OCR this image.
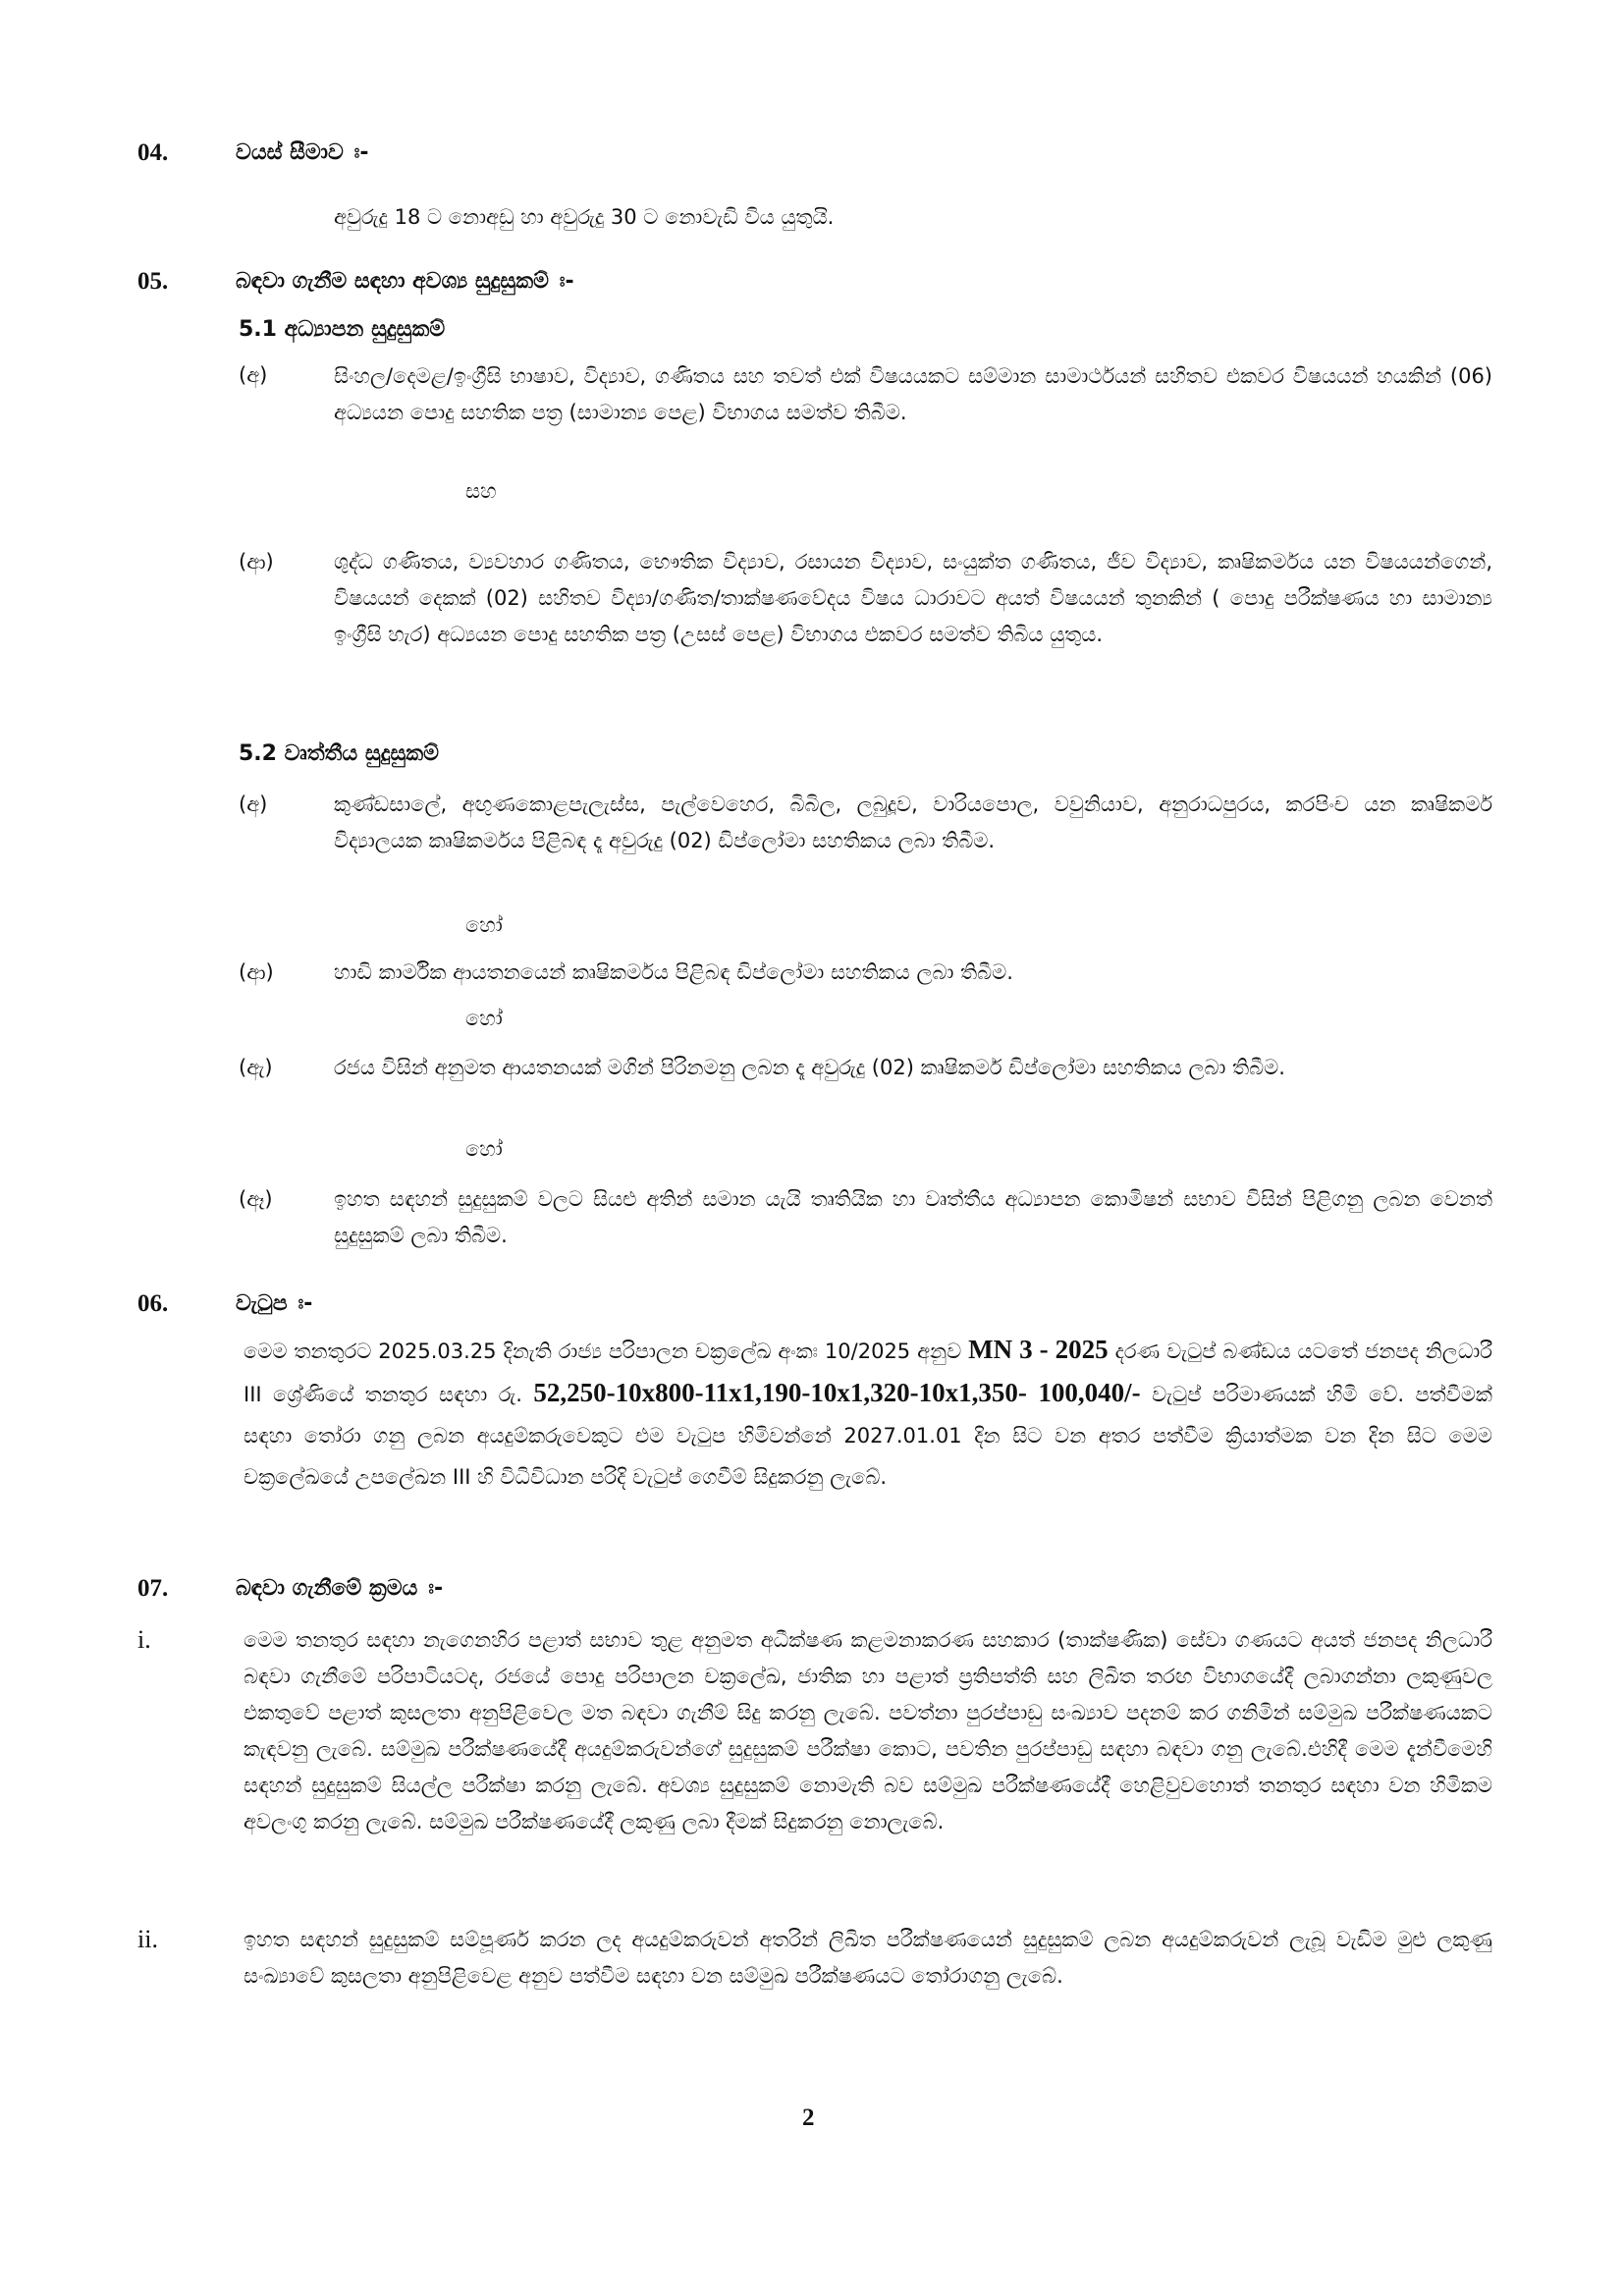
04.	වයස් සීමාව ඃ-
අවුරුදු 18 ට නොඅඩු හා අවුරුදු 30 ට නොවැඩි විය යුතුයි.
05.	බඳවා ගැනීම සඳහා අවශ්‍ය සුදුසුකම් ඃ-
5.1 අධ්‍යාපන සුදුසුකම්
(අ)	සිංහල/දෙමළ/ඉංග්‍රීසි භාෂාව, විද්‍යාව, ගණිතය සහ තවත් එක් විෂයයකට සම්මාන සාමාර්ථයන් සහිතව එකවර විෂයයන් හයකින් (06) අධ්‍යයන පොදු සහතික පත්‍ර (සාමාන්‍ය පෙළ) විභාගය සමත්ව තිබීම.
සහ
(ආ)	ශුද්ධ ගණිතය, ව්‍යවහාර ගණිතය, භෞතික විද්‍යාව, රසායන විද්‍යාව, සංයුක්ත ගණිතය, ජීව විද්‍යාව, කෘෂිකර්මය යන විෂයයන්ගෙන්, විෂයයන් දෙකක් (02) සහිතව විද්‍යා/ගණිත/තාක්ෂණවේදය විෂය ධාරාවට අයත් විෂයයන් තුනකින් ( පොදු පරීක්ෂණය හා සාමාන්‍ය ඉංග්‍රීසි හැර) අධ්‍යයන පොදු සහතික පත්‍ර (උසස් පෙළ) විභාගය එකවර සමත්ව තිබිය යුතුය.
5.2 වෘත්තීය සුදුසුකම්
(අ)	කුණ්ඩසාලේ, අඟුණකොළපැලැස්ස, පැල්වෙහෙර, බිබිල, ලබුදූව, වාරියපොල, වවුනියාව, අනුරාධපුරය, කරපිංච යන කෘෂිකර්ම විද්‍යාලයක කෘෂිකර්මය පිළිබඳ දෑ අවුරුදු (02) ඩිප්ලෝමා සහතිකය ලබා තිබීම.
හෝ
(ආ)	හාඩි කාර්මික ආයතනයෙන් කෘෂිකර්මය පිළිබඳ ඩිප්ලෝමා සහතිකය ලබා තිබීම.
හෝ
(ඇ)	රජය විසින් අනුමත ආයතනයක් මගින් පිරිනමනු ලබන දෑ අවුරුදු (02) කෘෂිකර්ම ඩිප්ලෝමා සහතිකය ලබා තිබීම.
හෝ
(ඈ)	ඉහත සඳහන් සුදුසුකම් වලට සියළු අතින් සමාන යැයි තෘතියික හා වෘත්තීය අධ්‍යාපන කොමිෂන් සභාව විසින් පිළිගනු ලබන වෙනත් සුදුසුකම් ලබා තිබීම.
06.	වැටුප ඃ-
මෙම තනතුරට 2025.03.25 දිනැති රාජ්‍ය පරිපාලන චක්‍රලේඛ අංකඃ 10/2025 අනුව MN 3 - 2025 දරණ වැටුප් බණ්ඩය යටතේ ජනපද නිලධාරී III ශ්‍රේණියේ තනතුර සඳහා රු. 52,250-10x800-11x1,190-10x1,320-10x1,350- 100,040/- වැටුප් පරිමාණයක් හිමි වේ. පත්වීමක් සඳහා තෝරා ගනු ලබන අයදුම්කරුවෙකුට එම වැටුප හිමිවන්නේ 2027.01.01 දින සිට වන අතර පත්වීම ක්‍රියාත්මක වන දින සිට මෙම චක්‍රලේඛයේ උපලේඛන III හි විධිවිධාන පරිදි වැටුප් ගෙවීම් සිදුකරනු ලැබේ.
07.	බඳවා ගැනීමේ ක්‍රමය ඃ-
i.	මෙම තනතුර සඳහා නැගෙනහිර පළාත් සභාව තුළ අනුමත අධීක්ෂණ කළමනාකරණ සහකාර (තාක්ෂණික) සේවා ගණයට අයත් ජනපද නිලධාරී බඳවා ගැනීමේ පරිපාටියටද, රජයේ පොදු පරිපාලන චක්‍රලේඛ, ජාතික හා පළාත් ප්‍රතිපත්ති සහ ලිඛිත තරඟ විභාගයේදී ලබාගන්නා ලකුණුවල එකතුවේ පළාත් කුසලතා අනුපිළිවෙල මත බඳවා ගැනීම් සිදු කරනු ලැබේ. පවත්නා පුරප්පාඩු සංඛ්‍යාව පදනම් කර ගනිමින් සම්මුඛ පරීක්ෂණයකට කැඳවනු ලැබේ. සම්මුඛ පරීක්ෂණයේදී අයදුම්කරුවන්ගේ සුදුසුකම් පරීක්ෂා කොට, පවතින පුරප්පාඩු සඳහා බඳවා ගනු ලැබේ.එහිදී මෙම දැන්වීමෙහි සඳහන් සුදුසුකම් සියල්ල පරීක්ෂා කරනු ලැබේ. අවශ්‍ය සුදුසුකම් නොමැති බව සම්මුඛ පරීක්ෂණයේදී හෙළිවුවහොත් තනතුර සඳහා වන හිමිකම අවලංගු කරනු ලැබේ. සම්මුඛ පරීක්ෂණයේදී ලකුණු ලබා දීමක් සිදුකරනු නොලැබේ.
ii.	ඉහත සඳහන් සුදුසුකම් සම්පූර්ණ කරන ලද අයදුම්කරුවන් අතරින් ලිඛිත පරීක්ෂණයෙන් සුදුසුකම් ලබන අයදුම්කරුවන් ලැබූ වැඩිම මුළු ලකුණු සංඛ්‍යාවේ කුසලතා අනුපිළිවෙළ අනුව පත්වීම සඳහා වන සම්මුඛ පරීක්ෂණයට තෝරාගනු ලැබේ.
2
